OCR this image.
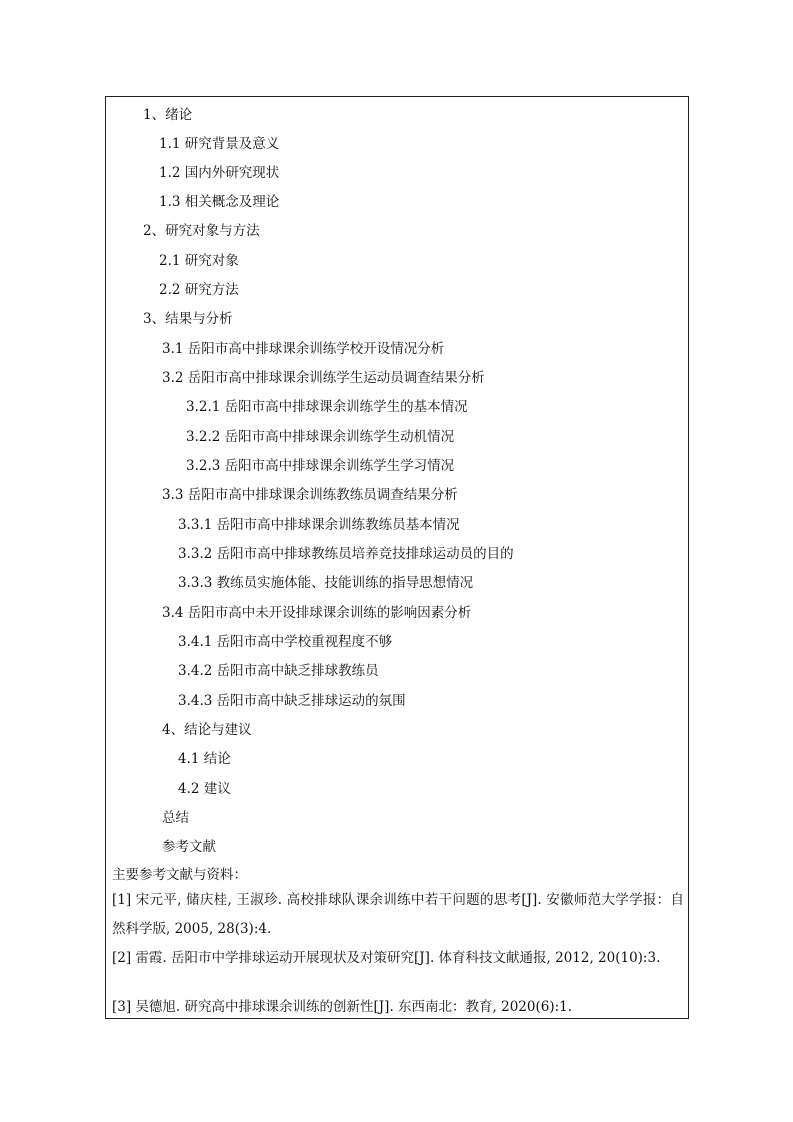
1、绪论
1.1 研究背景及意义
1.2 国内外研究现状
1.3 相关概念及理论
2、研究对象与方法
2.1 研究对象
2.2 研究方法
3、结果与分析
3.1 岳阳市高中排球课余训练学校开设情况分析
3.2 岳阳市高中排球课余训练学生运动员调查结果分析
3.2.1 岳阳市高中排球课余训练学生的基本情况
3.2.2 岳阳市高中排球课余训练学生动机情况
3.2.3 岳阳市高中排球课余训练学生学习情况
3.3 岳阳市高中排球课余训练教练员调查结果分析
3.3.1 岳阳市高中排球课余训练教练员基本情况
3.3.2 岳阳市高中排球教练员培养竞技排球运动员的目的
3.3.3 教练员实施体能、技能训练的指导思想情况
3.4 岳阳市高中未开设排球课余训练的影响因素分析
3.4.1 岳阳市高中学校重视程度不够
3.4.2 岳阳市高中缺乏排球教练员
3.4.3 岳阳市高中缺乏排球运动的氛围
4、结论与建议
4.1 结论
4.2 建议
总结
参考文献
主要参考文献与资料：
[1] 宋元平, 储庆桂, 王淑珍. 高校排球队课余训练中若干问题的思考[J]. 安徽师范大学学报：自然科学版, 2005, 28(3):4.
[2] 雷霞. 岳阳市中学排球运动开展现状及对策研究[J]. 体育科技文献通报, 2012, 20(10):3.
[3] 吴德旭. 研究高中排球课余训练的创新性[J]. 东西南北：教育, 2020(6):1.
